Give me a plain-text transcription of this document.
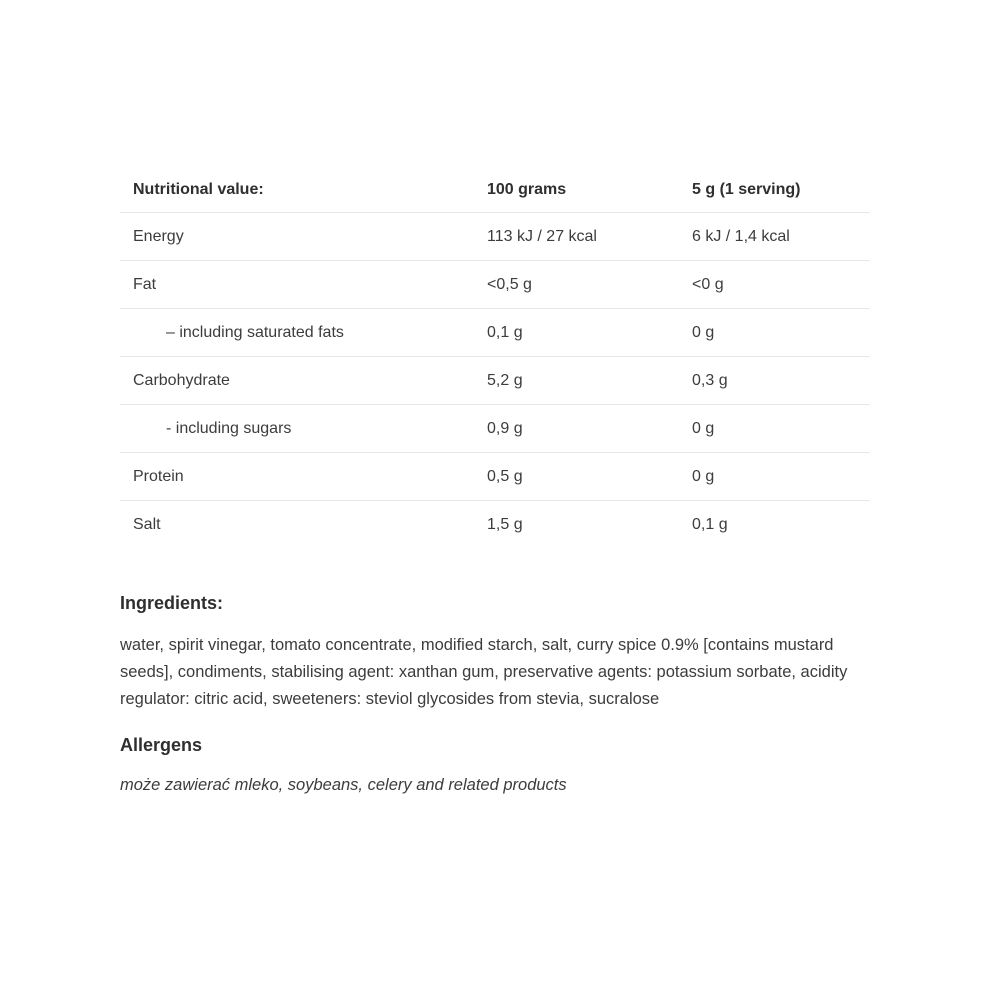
Nutritional value:	100 grams	5 g (1 serving)
Energy	113 kJ / 27 kcal	6 kJ / 1,4 kcal
Fat	<0,5 g	<0 g
– including saturated fats	0,1 g	0 g
Carbohydrate	5,2 g	0,3 g
- including sugars	0,9 g	0 g
Protein	0,5 g	0 g
Salt	1,5 g	0,1 g
Ingredients:
water, spirit vinegar, tomato concentrate, modified starch, salt, curry spice 0.9% [contains mustard seeds], condiments, stabilising agent: xanthan gum, preservative agents: potassium sorbate, acidity regulator: citric acid, sweeteners: steviol glycosides from stevia, sucralose
Allergens
może zawierać mleko, soybeans, celery and related products
